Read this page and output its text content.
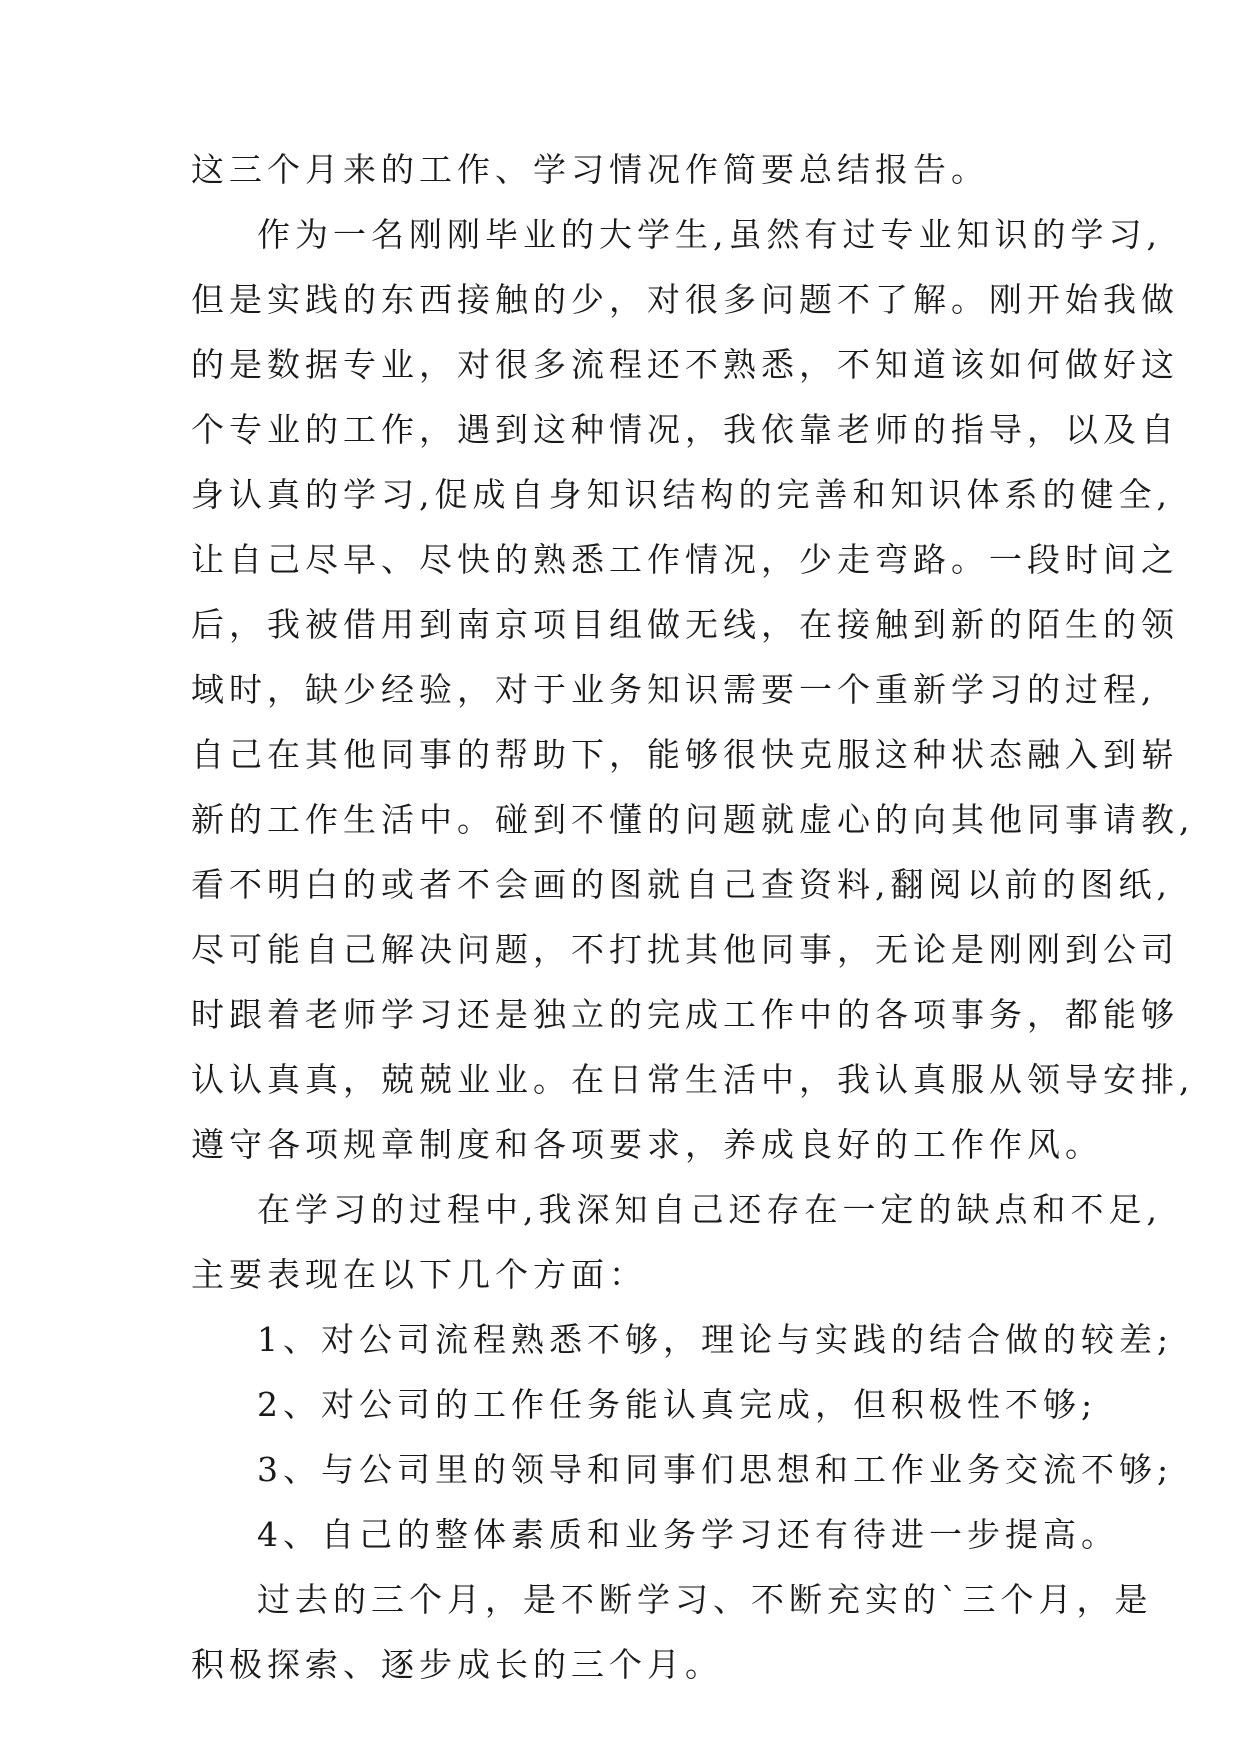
这三个月来的工作、学习情况作简要总结报告。
作为一名刚刚毕业的大学生,虽然有过专业知识的学习,
但是实践的东西接触的少，对很多问题不了解。刚开始我做
的是数据专业，对很多流程还不熟悉，不知道该如何做好这
个专业的工作，遇到这种情况，我依靠老师的指导，以及自
身认真的学习,促成自身知识结构的完善和知识体系的健全,
让自己尽早、尽快的熟悉工作情况，少走弯路。一段时间之
后，我被借用到南京项目组做无线，在接触到新的陌生的领
域时，缺少经验，对于业务知识需要一个重新学习的过程,
自己在其他同事的帮助下，能够很快克服这种状态融入到崭
新的工作生活中。碰到不懂的问题就虚心的向其他同事请教,
看不明白的或者不会画的图就自己查资料,翻阅以前的图纸,
尽可能自己解决问题，不打扰其他同事，无论是刚刚到公司
时跟着老师学习还是独立的完成工作中的各项事务，都能够
认认真真，兢兢业业。在日常生活中，我认真服从领导安排,
遵守各项规章制度和各项要求，养成良好的工作作风。
在学习的过程中,我深知自己还存在一定的缺点和不足,
主要表现在以下几个方面：
1、对公司流程熟悉不够，理论与实践的结合做的较差;
2、对公司的工作任务能认真完成，但积极性不够;
3、与公司里的领导和同事们思想和工作业务交流不够;
4、自己的整体素质和业务学习还有待进一步提高。
过去的三个月，是不断学习、不断充实的`三个月，是
积极探索、逐步成长的三个月。
